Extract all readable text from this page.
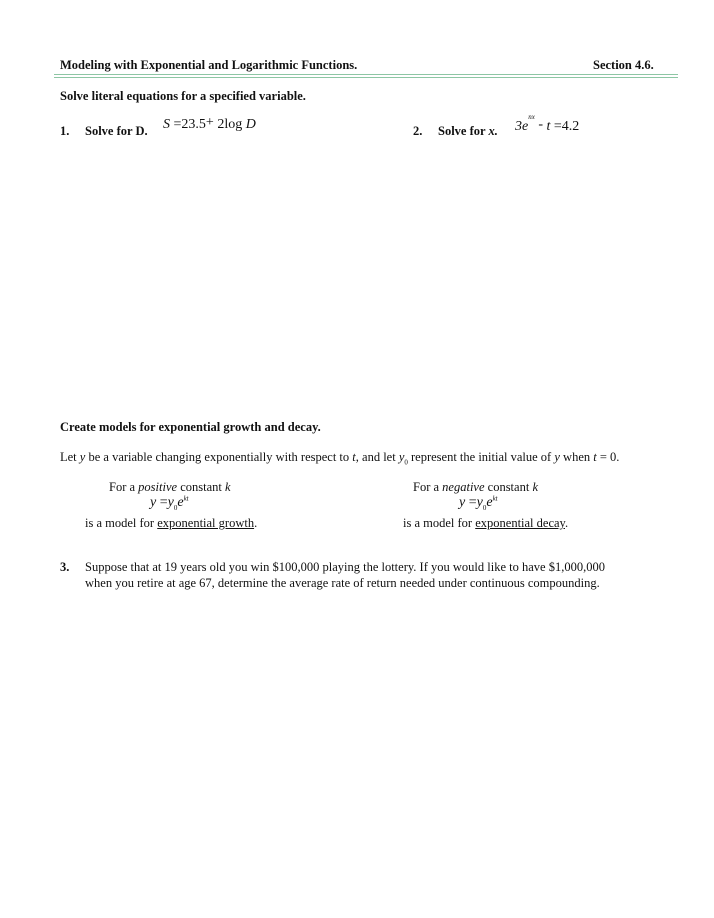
Modeling with Exponential and Logarithmic Functions.	Section 4.6.
Solve literal equations for a specified variable.
1. Solve for D. S =23.5+ 2log D	2. Solve for x. $3e^{nx} - t =4.2$
Create models for exponential growth and decay.
Let y be a variable changing exponentially with respect to t, and let $y_0$ represent the initial value of y when t = 0.
For a positive constant k
$y =y_0e^{kt}$
is a model for exponential growth.
For a negative constant k
$y =y_0e^{kt}$
is a model for exponential decay.
3. Suppose that at 19 years old you win $100,000 playing the lottery. If you would like to have $1,000,000 when you retire at age 67, determine the average rate of return needed under continuous compounding.
